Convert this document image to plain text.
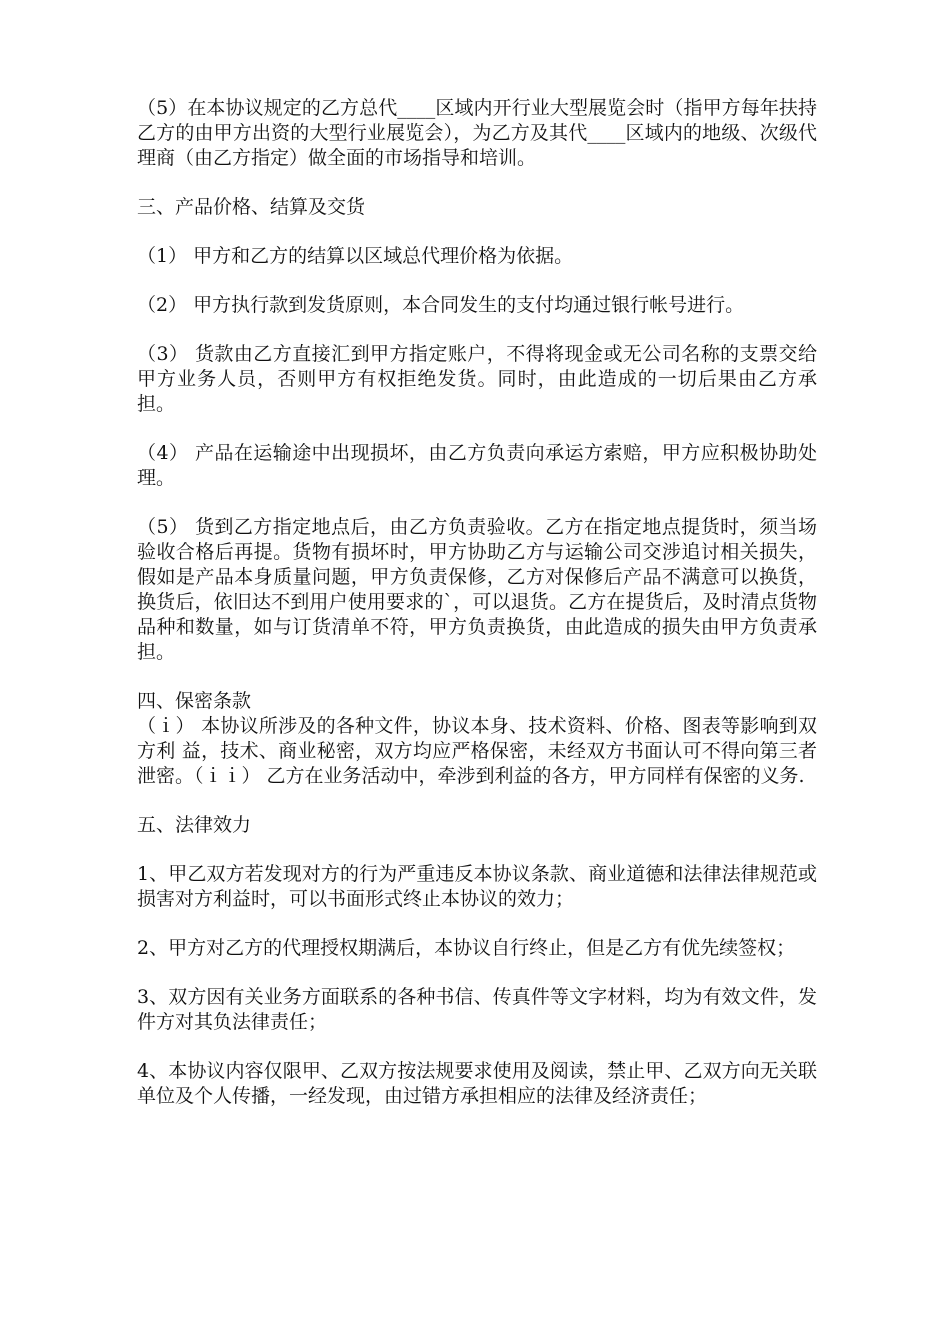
（5）在本协议规定的乙方总代____区域内开行业大型展览会时（指甲方每年扶持乙方的由甲方出资的大型行业展览会），为乙方及其代____区域内的地级、次级代理商（由乙方指定）做全面的市场指导和培训。

三、产品价格、结算及交货

（1） 甲方和乙方的结算以区域总代理价格为依据。

（2） 甲方执行款到发货原则，本合同发生的支付均通过银行帐号进行。

（3） 货款由乙方直接汇到甲方指定账户，不得将现金或无公司名称的支票交给甲方业务人员，否则甲方有权拒绝发货。同时，由此造成的一切后果由乙方承担。

（4） 产品在运输途中出现损坏，由乙方负责向承运方索赔，甲方应积极协助处理。

（5） 货到乙方指定地点后，由乙方负责验收。乙方在指定地点提货时，须当场验收合格后再提。货物有损坏时，甲方协助乙方与运输公司交涉追讨相关损失，假如是产品本身质量问题，甲方负责保修，乙方对保修后产品不满意可以换货，换货后，依旧达不到用户使用要求的`，可以退货。乙方在提货后，及时清点货物品种和数量，如与订货清单不符，甲方负责换货，由此造成的损失由甲方负责承担。

四、保密条款

（ｉ） 本协议所涉及的各种文件，协议本身、技术资料、价格、图表等影响到双方利 益，技术、商业秘密，双方均应严格保密，未经双方书面认可不得向第三者泄密。（ｉｉ） 乙方在业务活动中，牵涉到利益的各方，甲方同样有保密的义务.

五、法律效力

1、甲乙双方若发现对方的行为严重违反本协议条款、商业道德和法律法律规范或损害对方利益时，可以书面形式终止本协议的效力；

2、甲方对乙方的代理授权期满后，本协议自行终止，但是乙方有优先续签权；

3、双方因有关业务方面联系的各种书信、传真件等文字材料，均为有效文件，发件方对其负法律责任；

4、本协议内容仅限甲、乙双方按法规要求使用及阅读，禁止甲、乙双方向无关联单位及个人传播，一经发现，由过错方承担相应的法律及经济责任；
